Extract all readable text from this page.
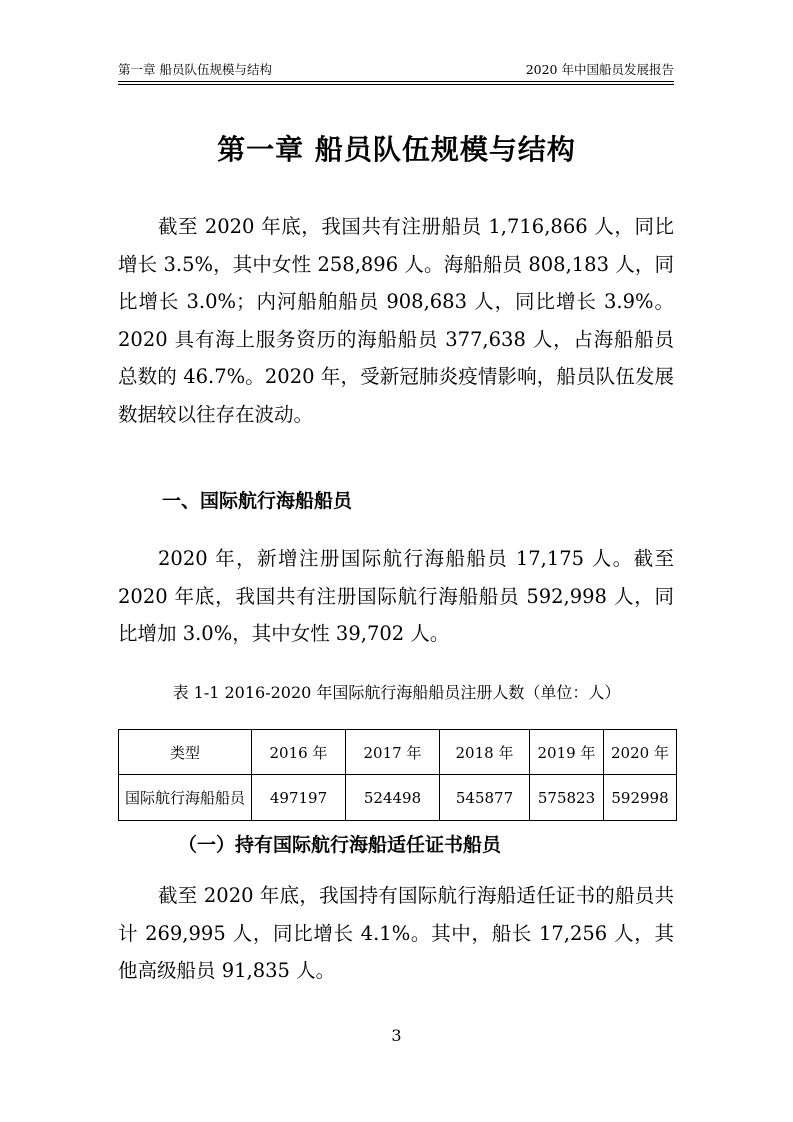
第一章 船员队伍规模与结构	2020 年中国船员发展报告
第一章 船员队伍规模与结构

截至 2020 年底，我国共有注册船员 1,716,866 人，同比增长 3.5%，其中女性 258,896 人。海船船员 808,183 人，同比增长 3.0%；内河船舶船员 908,683 人，同比增长 3.9%。2020 具有海上服务资历的海船船员 377,638 人，占海船船员总数的 46.7%。2020 年，受新冠肺炎疫情影响，船员队伍发展数据较以往存在波动。

一、国际航行海船船员

2020 年，新增注册国际航行海船船员 17,175 人。截至 2020 年底，我国共有注册国际航行海船船员 592,998 人，同比增加 3.0%，其中女性 39,702 人。

表 1-1 2016-2020 年国际航行海船船员注册人数（单位：人）
类型	2016 年	2017 年	2018 年	2019 年	2020 年
国际航行海船船员	497197	524498	545877	575823	592998
（一）持有国际航行海船适任证书船员

截至 2020 年底，我国持有国际航行海船适任证书的船员共计 269,995 人，同比增长 4.1%。其中，船长 17,256 人，其他高级船员 91,835 人。

3
